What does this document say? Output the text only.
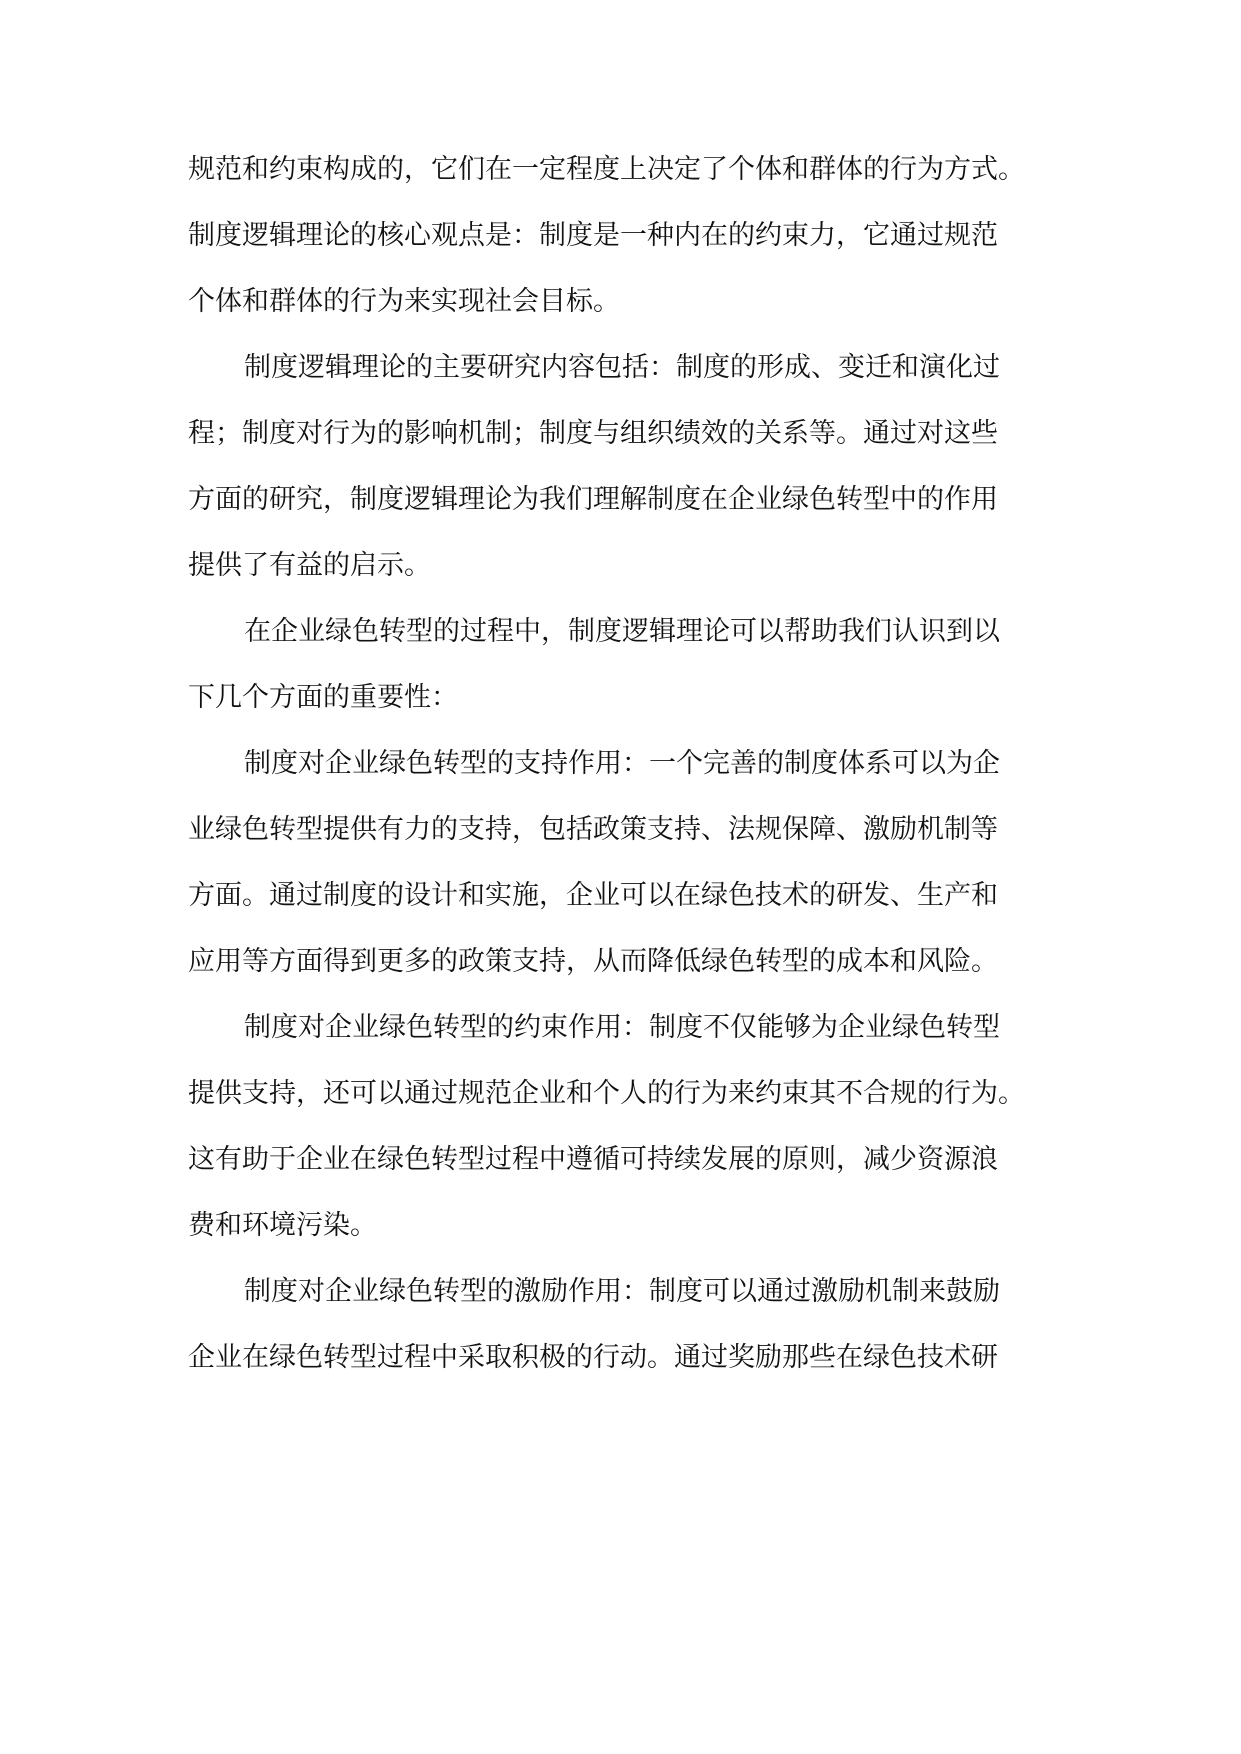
规范和约束构成的，它们在一定程度上决定了个体和群体的行为方式。
制度逻辑理论的核心观点是：制度是一种内在的约束力，它通过规范
个体和群体的行为来实现社会目标。
制度逻辑理论的主要研究内容包括：制度的形成、变迁和演化过
程；制度对行为的影响机制；制度与组织绩效的关系等。通过对这些
方面的研究，制度逻辑理论为我们理解制度在企业绿色转型中的作用
提供了有益的启示。
在企业绿色转型的过程中，制度逻辑理论可以帮助我们认识到以
下几个方面的重要性：
制度对企业绿色转型的支持作用：一个完善的制度体系可以为企
业绿色转型提供有力的支持，包括政策支持、法规保障、激励机制等
方面。通过制度的设计和实施，企业可以在绿色技术的研发、生产和
应用等方面得到更多的政策支持，从而降低绿色转型的成本和风险。
制度对企业绿色转型的约束作用：制度不仅能够为企业绿色转型
提供支持，还可以通过规范企业和个人的行为来约束其不合规的行为。
这有助于企业在绿色转型过程中遵循可持续发展的原则，减少资源浪
费和环境污染。
制度对企业绿色转型的激励作用：制度可以通过激励机制来鼓励
企业在绿色转型过程中采取积极的行动。通过奖励那些在绿色技术研
